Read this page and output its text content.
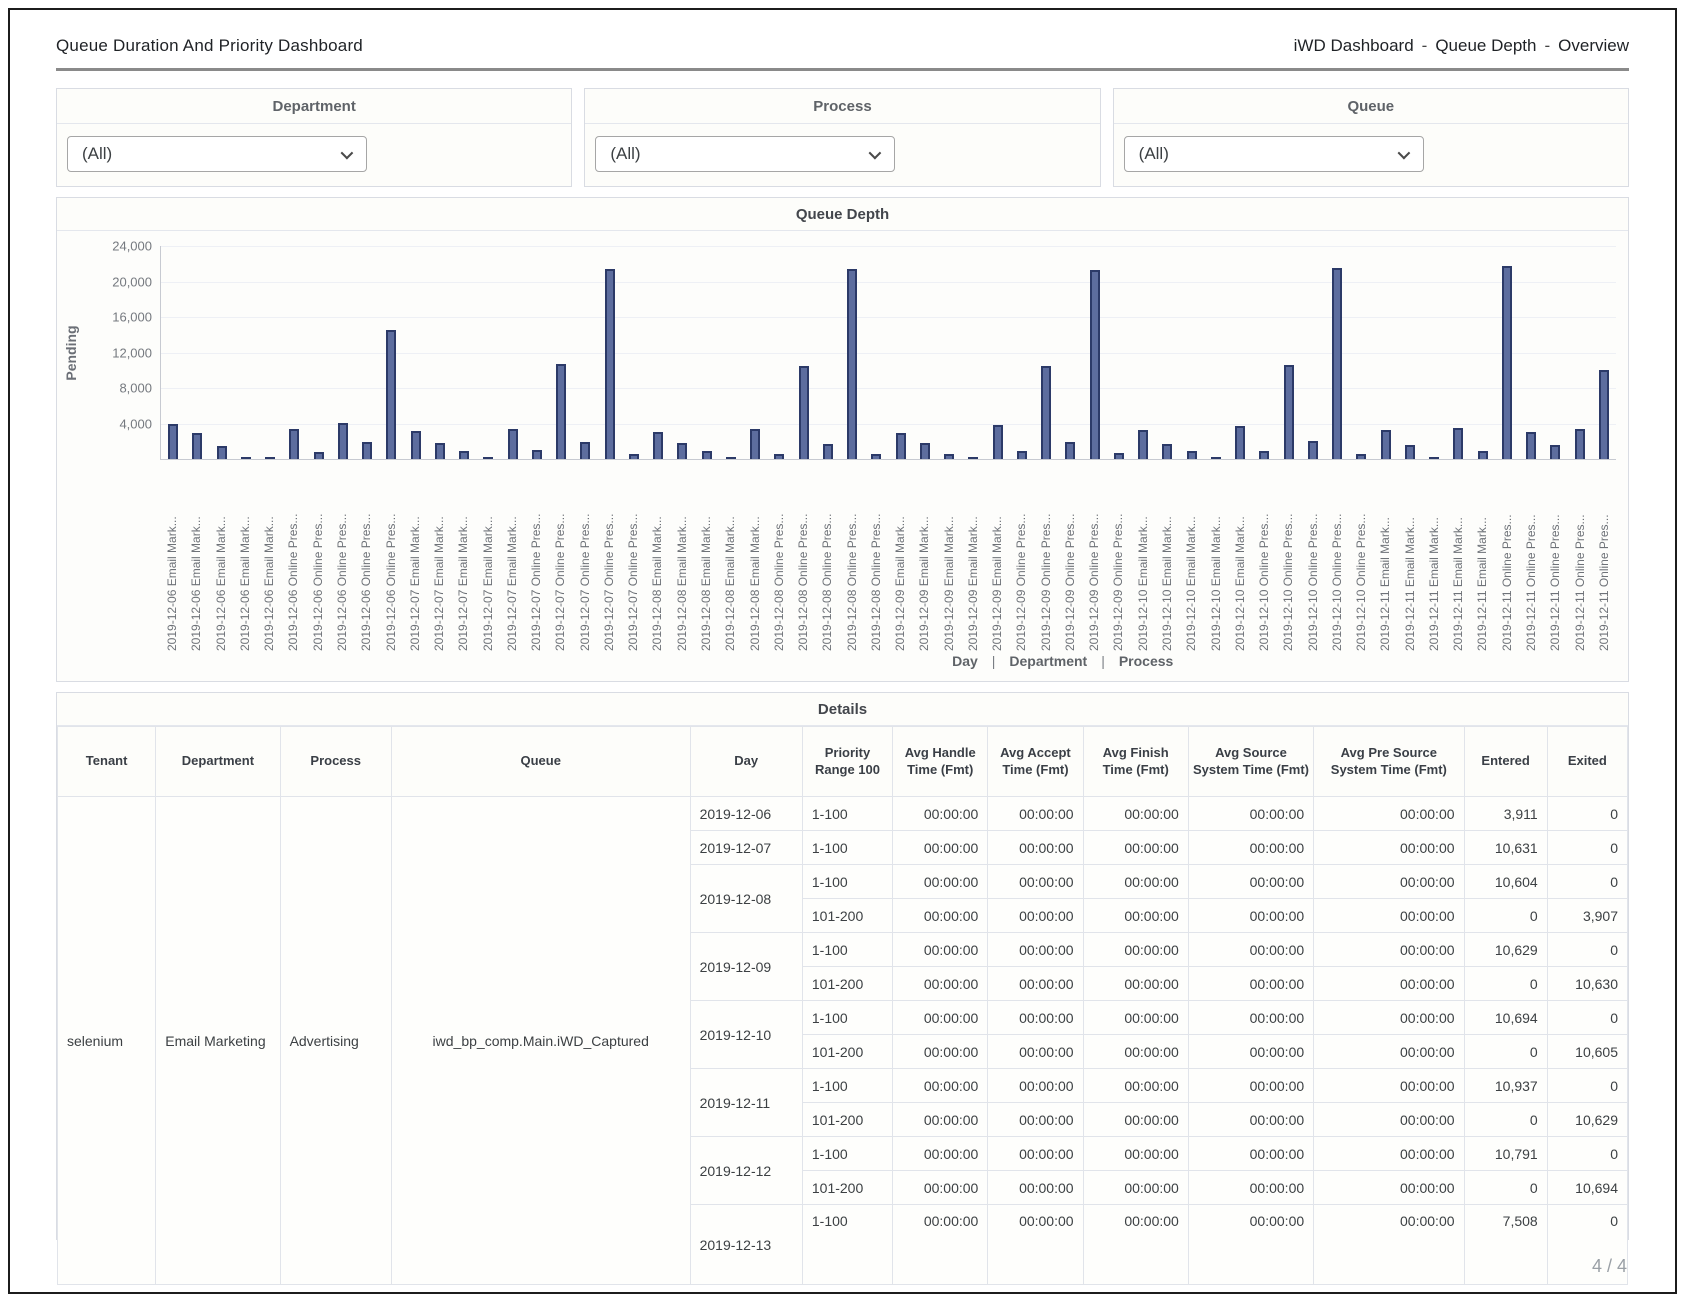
Queue Duration And Priority Dashboard	iWD Dashboard - Queue Depth - Overview
Department
(All)
Process
(All)
Queue
(All)
Queue Depth
Pending
4,000
8,000
12,000
16,000
20,000
24,000
2019-12-06 Email Mark... 2019-12-06 Email Mark... 2019-12-06 Email Mark... 2019-12-06 Email Mark... 2019-12-06 Email Mark... 2019-12-06 Online Pres... 2019-12-06 Online Pres... 2019-12-06 Online Pres... 2019-12-06 Online Pres... 2019-12-06 Online Pres... 2019-12-07 Email Mark... 2019-12-07 Email Mark... 2019-12-07 Email Mark... 2019-12-07 Email Mark... 2019-12-07 Email Mark... 2019-12-07 Online Pres... 2019-12-07 Online Pres... 2019-12-07 Online Pres... 2019-12-07 Online Pres... 2019-12-07 Online Pres... 2019-12-08 Email Mark... 2019-12-08 Email Mark... 2019-12-08 Email Mark... 2019-12-08 Email Mark... 2019-12-08 Email Mark... 2019-12-08 Online Pres... 2019-12-08 Online Pres... 2019-12-08 Online Pres... 2019-12-08 Online Pres... 2019-12-08 Online Pres... 2019-12-09 Email Mark... 2019-12-09 Email Mark... 2019-12-09 Email Mark... 2019-12-09 Email Mark... 2019-12-09 Email Mark... 2019-12-09 Online Pres... 2019-12-09 Online Pres... 2019-12-09 Online Pres... 2019-12-09 Online Pres... 2019-12-09 Online Pres... 2019-12-10 Email Mark... 2019-12-10 Email Mark... 2019-12-10 Email Mark... 2019-12-10 Email Mark... 2019-12-10 Email Mark... 2019-12-10 Online Pres... 2019-12-10 Online Pres... 2019-12-10 Online Pres... 2019-12-10 Online Pres... 2019-12-10 Online Pres... 2019-12-11 Email Mark... 2019-12-11 Email Mark... 2019-12-11 Email Mark... 2019-12-11 Email Mark... 2019-12-11 Email Mark... 2019-12-11 Online Pres... 2019-12-11 Online Pres... 2019-12-11 Online Pres... 2019-12-11 Online Pres... 2019-12-11 Online Pres...
Day | Department | Process
Details
Tenant	Department	Process	Queue	Day	Priority Range 100	Avg Handle Time (Fmt)	Avg Accept Time (Fmt)	Avg Finish Time (Fmt)	Avg Source System Time (Fmt)	Avg Pre Source System Time (Fmt)	Entered	Exited
selenium	Email Marketing	Advertising	iwd_bp_comp.Main.iWD_Captured	2019-12-06	1-100	00:00:00	00:00:00	00:00:00	00:00:00	00:00:00	3,911	0
				2019-12-07	1-100	00:00:00	00:00:00	00:00:00	00:00:00	00:00:00	10,631	0
				2019-12-08	1-100	00:00:00	00:00:00	00:00:00	00:00:00	00:00:00	10,604	0
					101-200	00:00:00	00:00:00	00:00:00	00:00:00	00:00:00	0	3,907
				2019-12-09	1-100	00:00:00	00:00:00	00:00:00	00:00:00	00:00:00	10,629	0
					101-200	00:00:00	00:00:00	00:00:00	00:00:00	00:00:00	0	10,630
				2019-12-10	1-100	00:00:00	00:00:00	00:00:00	00:00:00	00:00:00	10,694	0
					101-200	00:00:00	00:00:00	00:00:00	00:00:00	00:00:00	0	10,605
				2019-12-11	1-100	00:00:00	00:00:00	00:00:00	00:00:00	00:00:00	10,937	0
					101-200	00:00:00	00:00:00	00:00:00	00:00:00	00:00:00	0	10,629
				2019-12-12	1-100	00:00:00	00:00:00	00:00:00	00:00:00	00:00:00	10,791	0
					101-200	00:00:00	00:00:00	00:00:00	00:00:00	00:00:00	0	10,694
				2019-12-13	1-100	00:00:00	00:00:00	00:00:00	00:00:00	00:00:00	7,508	0
4 / 4
